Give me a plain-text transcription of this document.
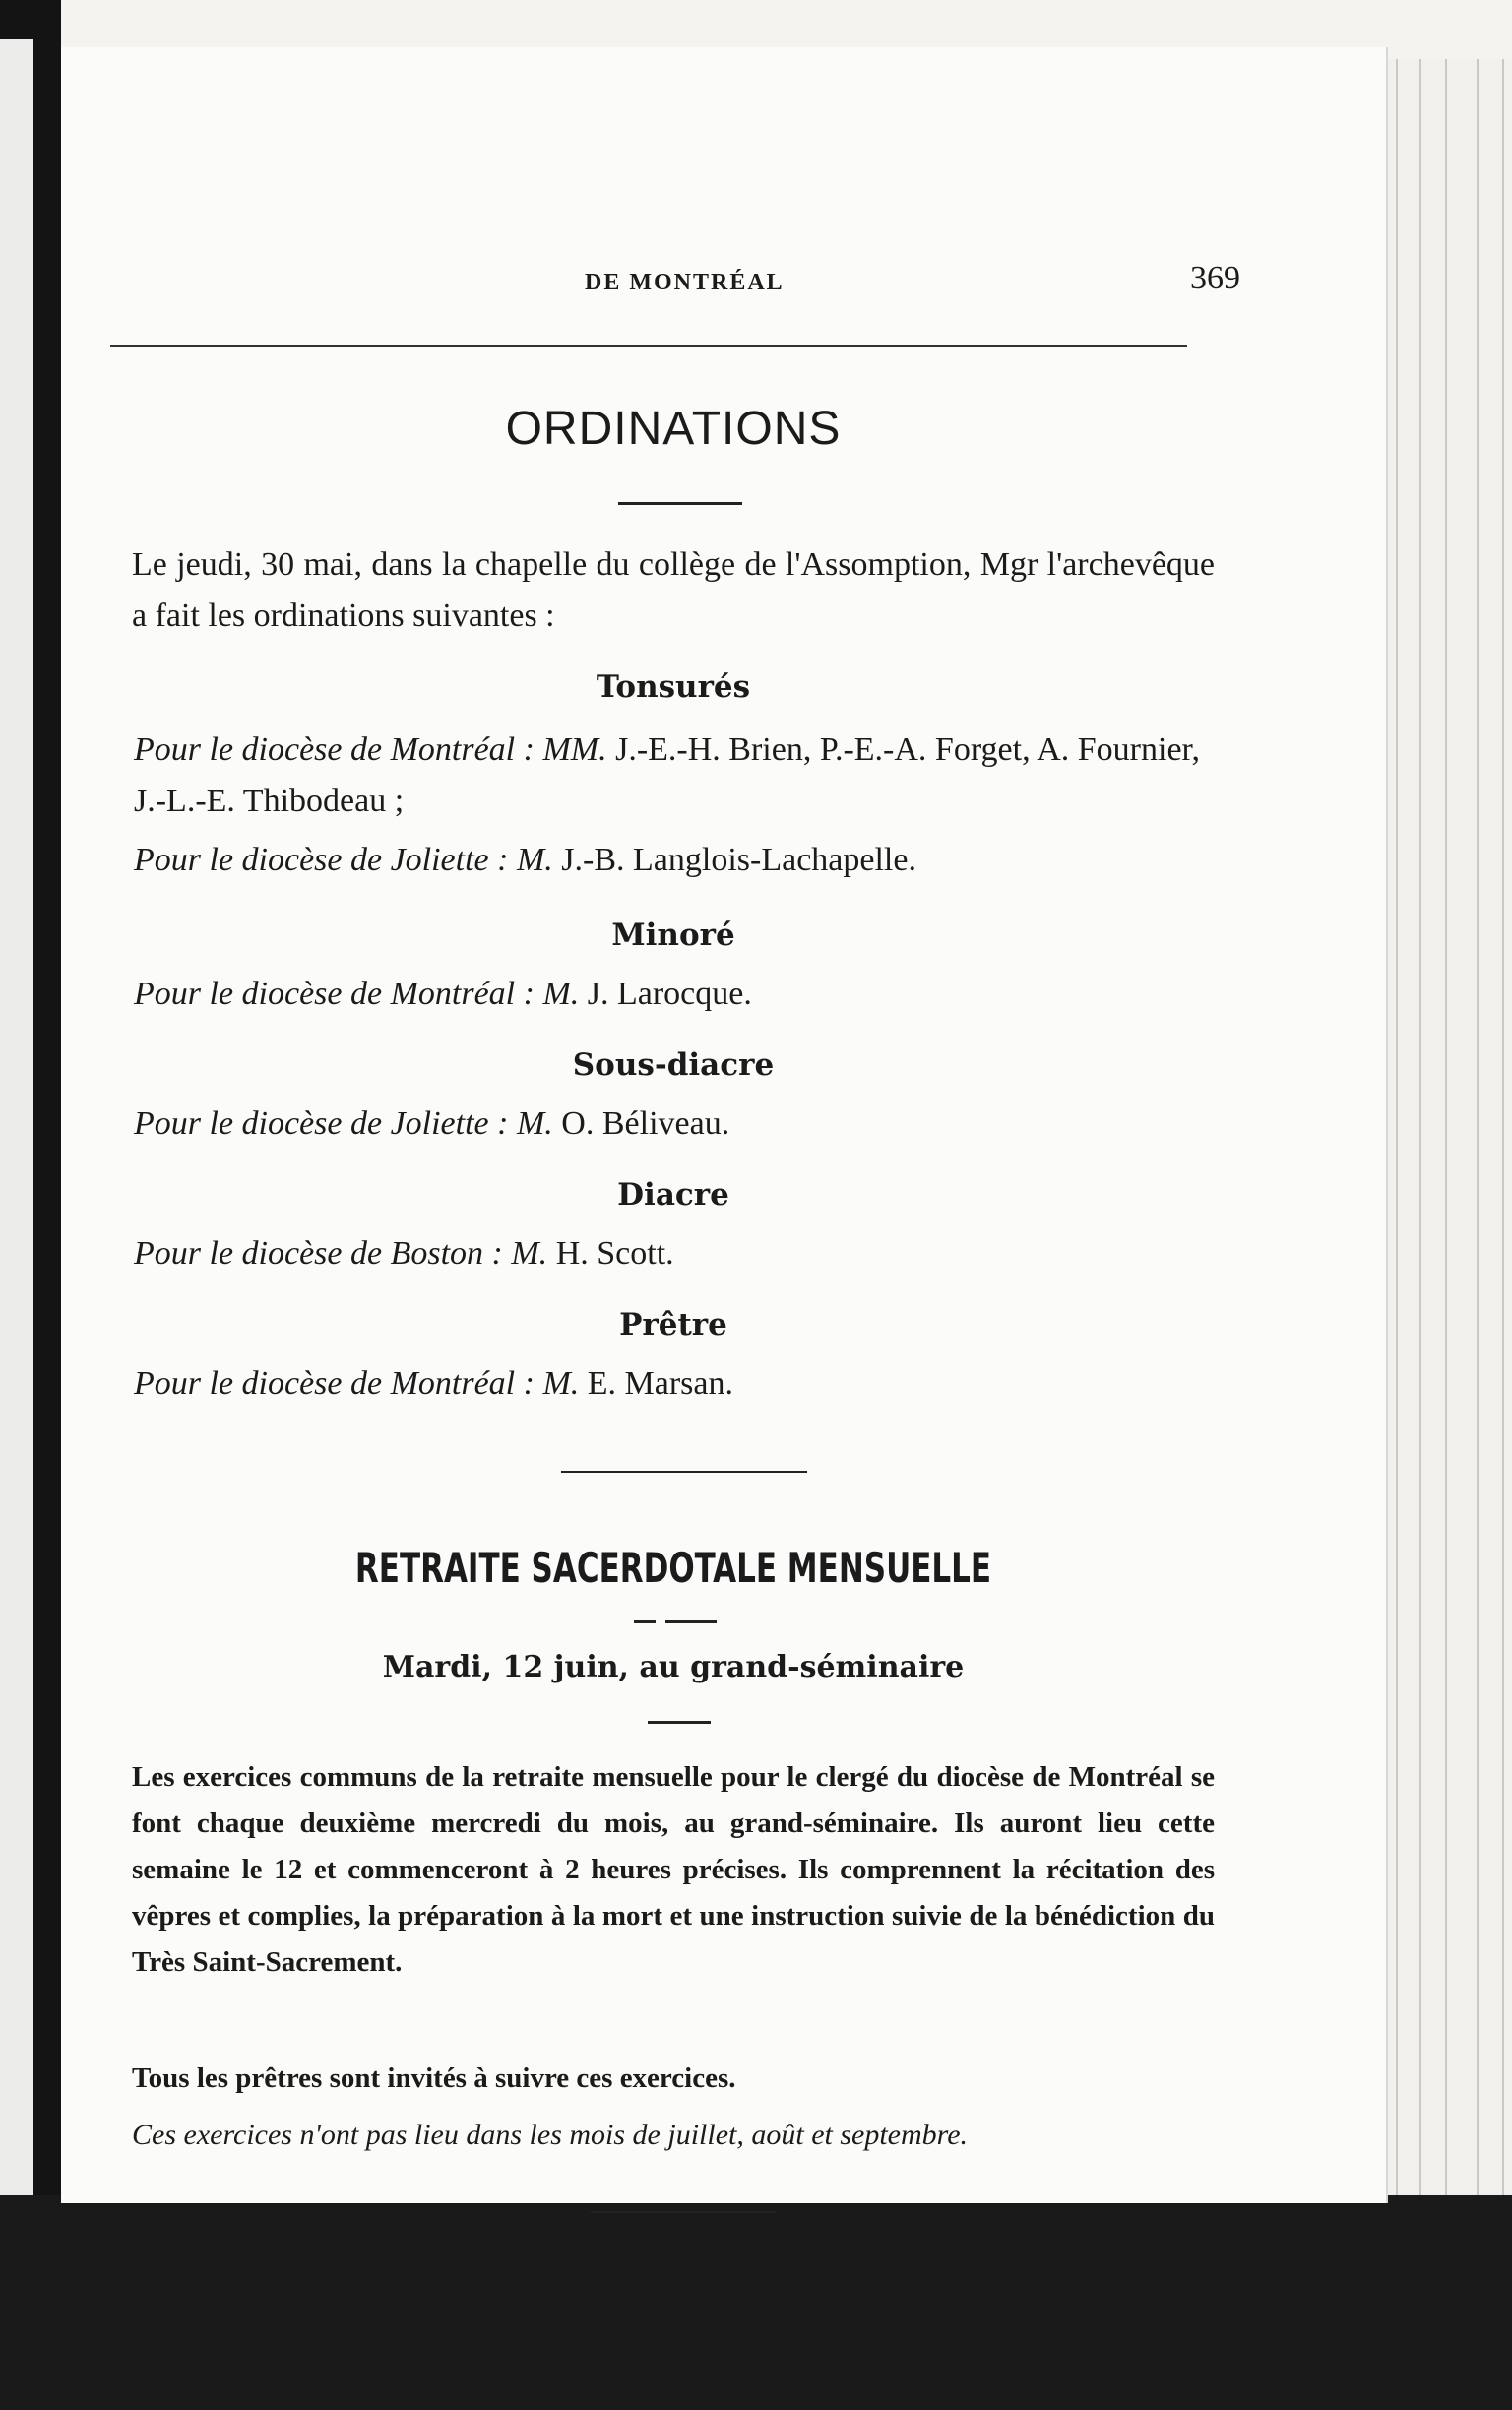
DE MONTRÉAL	369
ORDINATIONS
Le jeudi, 30 mai, dans la chapelle du collège de l'Assomption, Mgr l'archevêque a fait les ordinations suivantes :
Tonsurés
Pour le diocèse de Montréal : MM. J.-E.-H. Brien, P.-E.-A. Forget, A. Fournier, J.-L.-E. Thibodeau ;
Pour le diocèse de Joliette : M. J.-B. Langlois-Lachapelle.
Minoré
Pour le diocèse de Montréal : M. J. Larocque.
Sous-diacre
Pour le diocèse de Joliette : M. O. Béliveau.
Diacre
Pour le diocèse de Boston : M. H. Scott.
Prêtre
Pour le diocèse de Montréal : M. E. Marsan.
RETRAITE SACERDOTALE MENSUELLE
Mardi, 12 juin, au grand-séminaire
Les exercices communs de la retraite mensuelle pour le clergé du diocèse de Montréal se font chaque deuxième mercredi du mois, au grand-séminaire. Ils auront lieu cette semaine le 12 et commenceront à 2 heures précises. Ils comprennent la récitation des vêpres et complies, la préparation à la mort et une instruction suivie de la bénédiction du Très Saint-Sacrement.
Tous les prêtres sont invités à suivre ces exercices.
Ces exercices n'ont pas lieu dans les mois de juillet, août et septembre.
